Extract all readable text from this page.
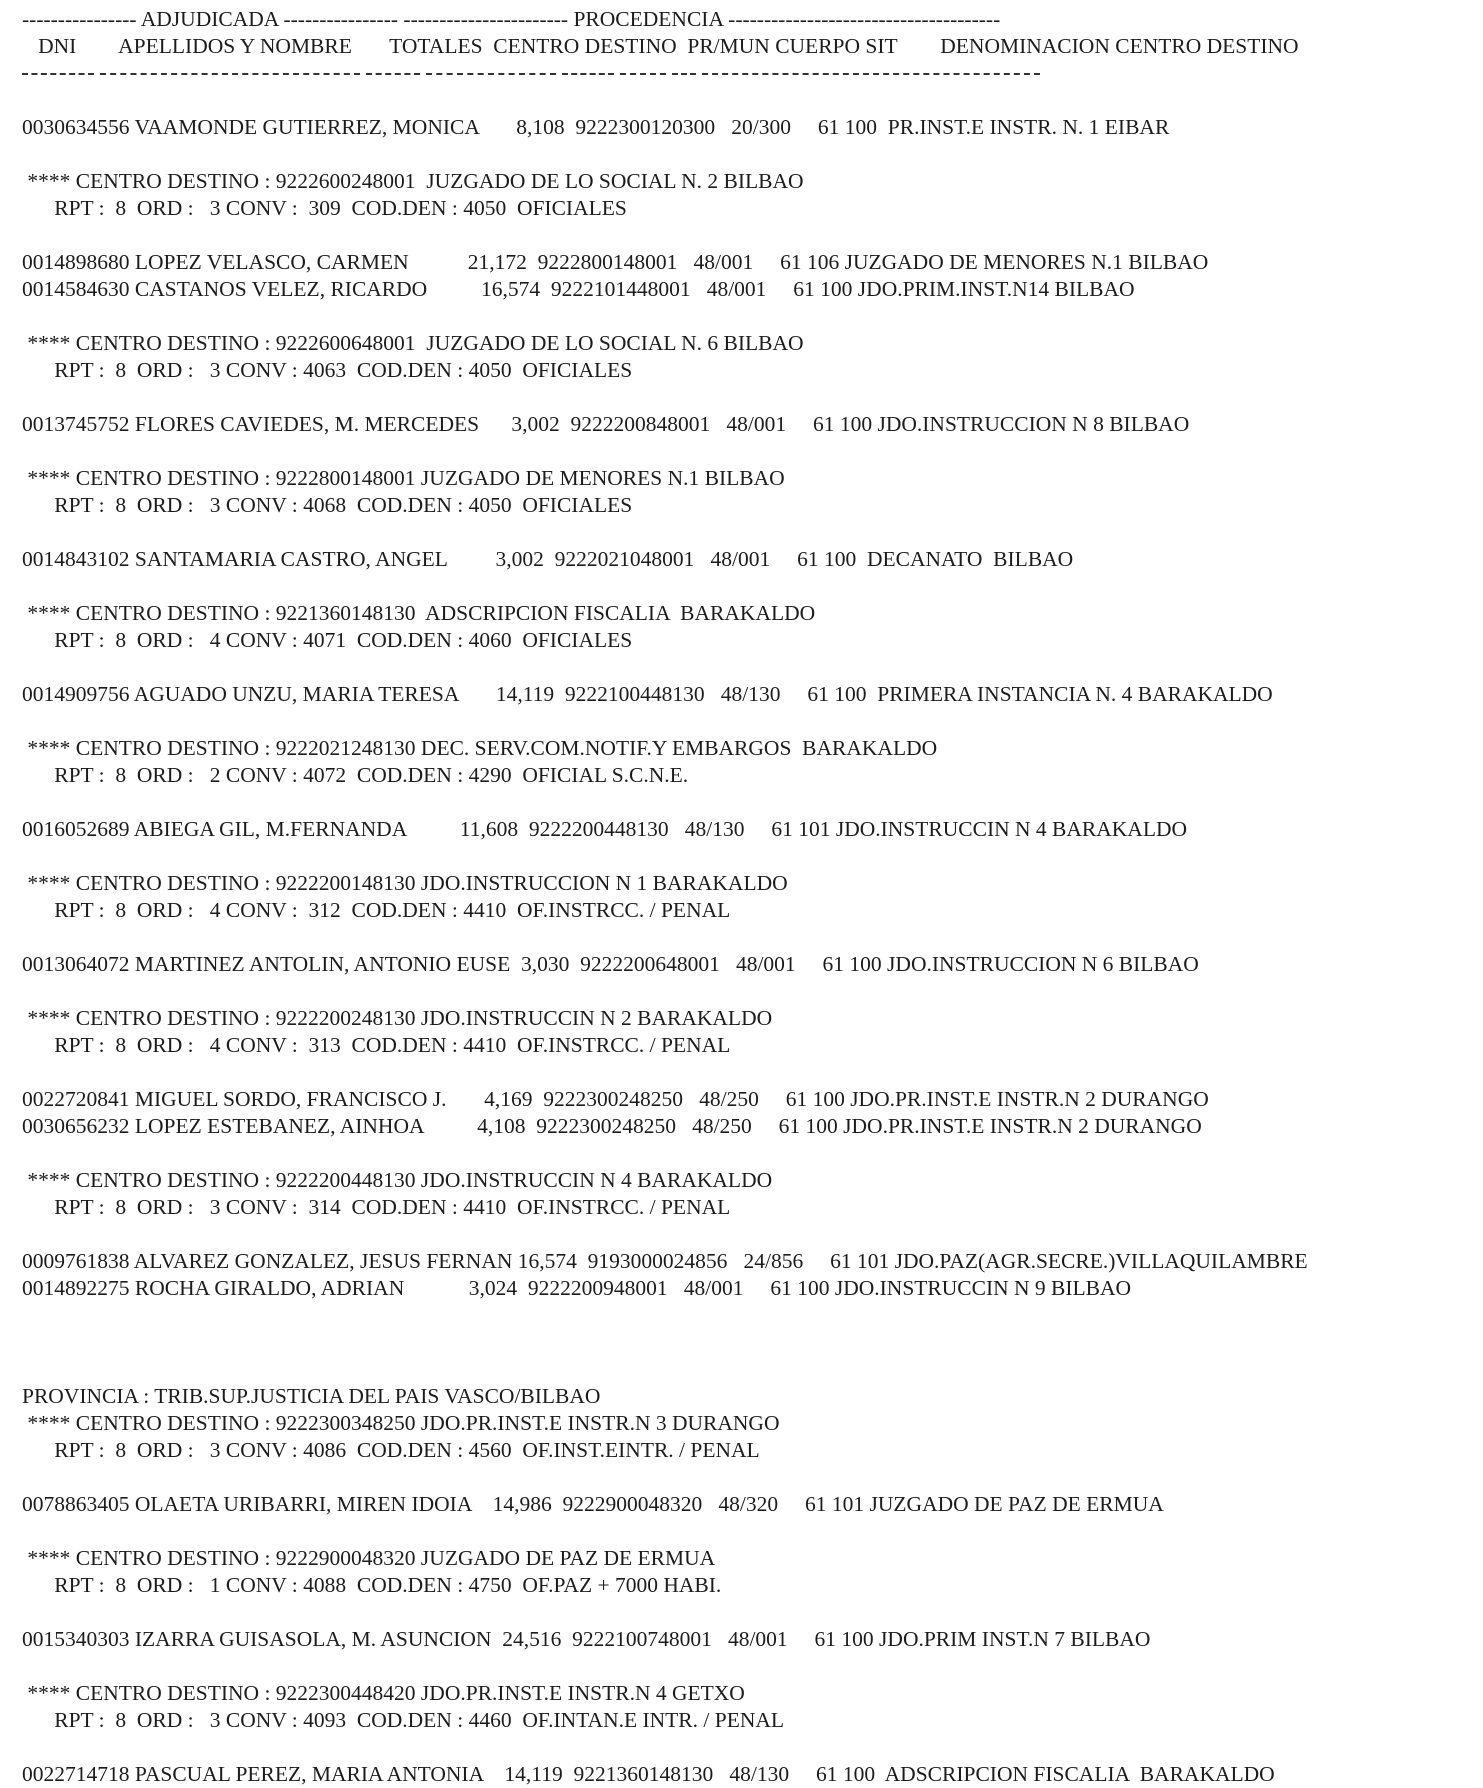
---------------- ADJUDICADA ---------------- ----------------------- PROCEDENCIA --------------------------------------
DNI        APELLIDOS Y NOMBRE       TOTALES  CENTRO DESTINO  PR/MUN CUERPO SIT        DENOMINACION CENTRO DESTINO
0030634556 VAAMONDE GUTIERREZ, MONICA       8,108  9222300120300   20/300     61 100  PR.INST.E INSTR. N. 1 EIBAR
**** CENTRO DESTINO : 9222600248001  JUZGADO DE LO SOCIAL N. 2 BILBAO
RPT :  8  ORD :   3 CONV :  309  COD.DEN : 4050  OFICIALES
0014898680 LOPEZ VELASCO, CARMEN           21,172  9222800148001   48/001     61 106 JUZGADO DE MENORES N.1 BILBAO
0014584630 CASTANOS VELEZ, RICARDO          16,574  9222101448001   48/001     61 100 JDO.PRIM.INST.N14 BILBAO
**** CENTRO DESTINO : 9222600648001  JUZGADO DE LO SOCIAL N. 6 BILBAO
RPT :  8  ORD :   3 CONV : 4063  COD.DEN : 4050  OFICIALES
0013745752 FLORES CAVIEDES, M. MERCEDES      3,002  9222200848001   48/001     61 100 JDO.INSTRUCCION N 8 BILBAO
**** CENTRO DESTINO : 9222800148001 JUZGADO DE MENORES N.1 BILBAO
RPT :  8  ORD :   3 CONV : 4068  COD.DEN : 4050  OFICIALES
0014843102 SANTAMARIA CASTRO, ANGEL         3,002  9222021048001   48/001     61 100  DECANATO  BILBAO
**** CENTRO DESTINO : 9221360148130  ADSCRIPCION FISCALIA  BARAKALDO
RPT :  8  ORD :   4 CONV : 4071  COD.DEN : 4060  OFICIALES
0014909756 AGUADO UNZU, MARIA TERESA       14,119  9222100448130   48/130     61 100  PRIMERA INSTANCIA N. 4 BARAKALDO
**** CENTRO DESTINO : 9222021248130 DEC. SERV.COM.NOTIF.Y EMBARGOS  BARAKALDO
RPT :  8  ORD :   2 CONV : 4072  COD.DEN : 4290  OFICIAL S.C.N.E.
0016052689 ABIEGA GIL, M.FERNANDA          11,608  9222200448130   48/130     61 101 JDO.INSTRUCCIN N 4 BARAKALDO
**** CENTRO DESTINO : 9222200148130 JDO.INSTRUCCION N 1 BARAKALDO
RPT :  8  ORD :   4 CONV :  312  COD.DEN : 4410  OF.INSTRCC. / PENAL
0013064072 MARTINEZ ANTOLIN, ANTONIO EUSE  3,030  9222200648001   48/001     61 100 JDO.INSTRUCCION N 6 BILBAO
**** CENTRO DESTINO : 9222200248130 JDO.INSTRUCCIN N 2 BARAKALDO
RPT :  8  ORD :   4 CONV :  313  COD.DEN : 4410  OF.INSTRCC. / PENAL
0022720841 MIGUEL SORDO, FRANCISCO J.       4,169  9222300248250   48/250     61 100 JDO.PR.INST.E INSTR.N 2 DURANGO
0030656232 LOPEZ ESTEBANEZ, AINHOA          4,108  9222300248250   48/250     61 100 JDO.PR.INST.E INSTR.N 2 DURANGO
**** CENTRO DESTINO : 9222200448130 JDO.INSTRUCCIN N 4 BARAKALDO
RPT :  8  ORD :   3 CONV :  314  COD.DEN : 4410  OF.INSTRCC. / PENAL
0009761838 ALVAREZ GONZALEZ, JESUS FERNAN 16,574  9193000024856   24/856     61 101 JDO.PAZ(AGR.SECRE.)VILLAQUILAMBRE
0014892275 ROCHA GIRALDO, ADRIAN            3,024  9222200948001   48/001     61 100 JDO.INSTRUCCIN N 9 BILBAO
PROVINCIA : TRIB.SUP.JUSTICIA DEL PAIS VASCO/BILBAO
**** CENTRO DESTINO : 9222300348250 JDO.PR.INST.E INSTR.N 3 DURANGO
RPT :  8  ORD :   3 CONV : 4086  COD.DEN : 4560  OF.INST.EINTR. / PENAL
0078863405 OLAETA URIBARRI, MIREN IDOIA    14,986  9222900048320   48/320     61 101 JUZGADO DE PAZ DE ERMUA
**** CENTRO DESTINO : 9222900048320 JUZGADO DE PAZ DE ERMUA
RPT :  8  ORD :   1 CONV : 4088  COD.DEN : 4750  OF.PAZ + 7000 HABI.
0015340303 IZARRA GUISASOLA, M. ASUNCION  24,516  9222100748001   48/001     61 100 JDO.PRIM INST.N 7 BILBAO
**** CENTRO DESTINO : 9222300448420 JDO.PR.INST.E INSTR.N 4 GETXO
RPT :  8  ORD :   3 CONV : 4093  COD.DEN : 4460  OF.INTAN.E INTR. / PENAL
0022714718 PASCUAL PEREZ, MARIA ANTONIA    14,119  9221360148130   48/130     61 100  ADSCRIPCION FISCALIA  BARAKALDO
